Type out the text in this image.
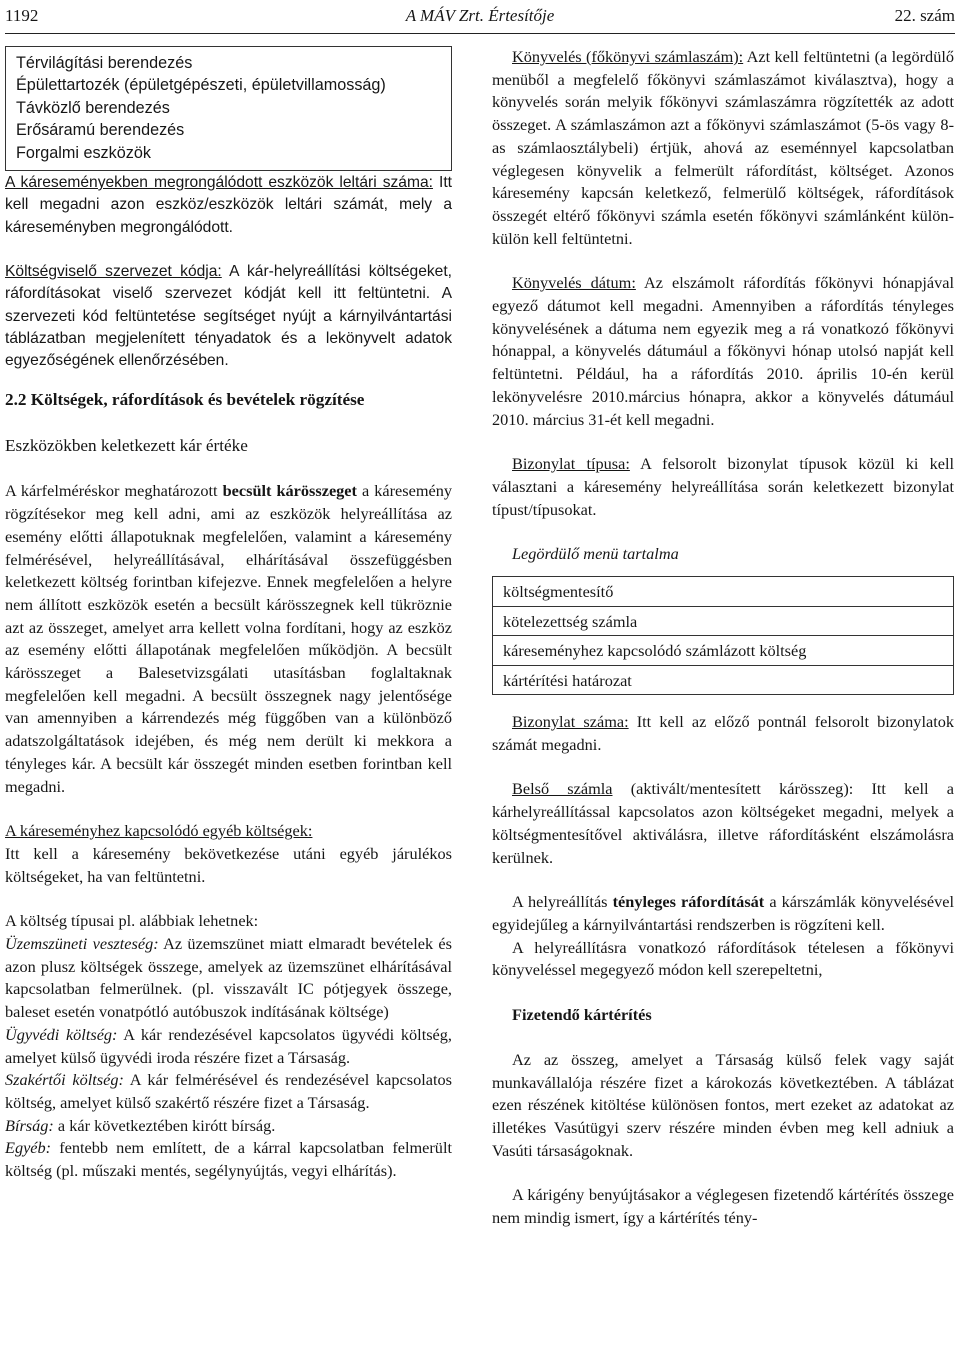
1192	A MÁV Zrt. Értesítője	22. szám
Térvilágítási berendezés
Épülettartozék (épületgépészeti, épületvillamosság)
Távközlő berendezés
Erősáramú berendezés
Forgalmi eszközök

A káreseményekben megrongálódott eszközök leltári száma: Itt kell megadni azon eszköz/eszközök leltári számát, mely a káreseményben megrongálódott.

Költségviselő szervezet kódja: A kár-helyreállítási költségeket, ráfordításokat viselő szervezet kódját kell itt feltüntetni. A szervezeti kód feltüntetése segítséget nyújt a kárnyilvántartási táblázatban megjelenített tényadatok és a lekönyvelt adatok egyezőségének ellenőrzésében.

2.2 Költségek, ráfordítások és bevételek rögzítése

Eszközökben keletkezett kár értéke

A kárfelméréskor meghatározott becsült kárösszeget a káresemény rögzítésekor meg kell adni, ami az eszközök helyreállítása az esemény előtti állapotuknak megfelelően, valamint a káresemény felmérésével, helyreállításával, elhárításával összefüggésben keletkezett költség forintban kifejezve. Ennek megfelelően a helyre nem állított eszközök esetén a becsült kárösszegnek kell tükröznie azt az összeget, amelyet arra kellett volna fordítani, hogy az eszköz az esemény előtti állapotának megfelelően működjön. A becsült kárösszeget a Balesetvizsgálati utasításban foglaltaknak megfelelően kell megadni. A becsült összegnek nagy jelentősége van amennyiben a kárrendezés még függőben van a különböző adatszolgáltatások idejében, és még nem derült ki mekkora a tényleges kár. A becsült kár összegét minden esetben forintban kell megadni.

A káreseményhez kapcsolódó egyéb költségek:

Itt kell a káresemény bekövetkezése utáni egyéb járulékos költségeket, ha van feltüntetni.

A költség típusai pl. alábbiak lehetnek:

Üzemszüneti veszteség: Az üzemszünet miatt elmaradt bevételek és azon plusz költségek összege, amelyek az üzemszünet elhárításával kapcsolatban felmerülnek. (pl. visszavált IC pótjegyek összege, baleset esetén vonatpótló autóbuszok indításának költsége)

Ügyvédi költség: A kár rendezésével kapcsolatos ügyvédi költség, amelyet külső ügyvédi iroda részére fizet a Társaság.

Szakértői költség: A kár felmérésével és rendezésével kapcsolatos költség, amelyet külső szakértő részére fizet a Társaság.

Bírság: a kár következtében kirótt bírság.

Egyéb: fentebb nem említett, de a kárral kapcsolatban felmerült költség (pl. műszaki mentés, segélynyújtás, vegyi elhárítás).

Könyvelés (főkönyvi számlaszám): Azt kell feltüntetni (a legördülő menüből a megfelelő főkönyvi számlaszámot kiválasztva), hogy a könyvelés során melyik főkönyvi számlaszámra rögzítették az adott összeget. A számlaszámon azt a főkönyvi számlaszámot (5-ös vagy 8-as számlaosztálybeli) értjük, ahová az eseménnyel kapcsolatban véglegesen könyvelik a felmerült ráfordítást, költséget. Azonos káresemény kapcsán keletkező, felmerülő költségek, ráfordítások összegét eltérő főkönyvi számla esetén főkönyvi számlánként külön-külön kell feltüntetni.

Könyvelés dátum: Az elszámolt ráfordítás főkönyvi hónapjával egyező dátumot kell megadni. Amennyiben a ráfordítás tényleges könyvelésének a dátuma nem egyezik meg a rá vonatkozó főkönyvi hónappal, a könyvelés dátumául a főkönyvi hónap utolsó napját kell feltüntetni. Például, ha a ráfordítás 2010. április 10-én kerül lekönyvelésre 2010.március hónapra, akkor a könyvelés dátumául 2010. március 31-ét kell megadni.

Bizonylat típusa: A felsorolt bizonylat típusok közül ki kell választani a káresemény helyreállítása során keletkezett bizonylat típust/típusokat.

Legördülő menü tartalma

költségmentesítő
kötelezettség számla
káreseményhez kapcsolódó számlázott költség
kártérítési határozat

Bizonylat száma: Itt kell az előző pontnál felsorolt bizonylatok számát megadni.

Belső számla (aktivált/mentesített kárösszeg): Itt kell a kárhelyreállítással kapcsolatos azon költségeket megadni, melyek a költségmentesítővel aktiválásra, illetve ráfordításként elszámolásra kerülnek.

A helyreállítás tényleges ráfordítását a kárszámlák könyvelésével egyidejűleg a kárnyilvántartási rendszerben is rögzíteni kell.

A helyreállításra vonatkozó ráfordítások tételesen a főkönyvi könyveléssel megegyező módon kell szerepeltetni,

Fizetendő kártérítés

Az az összeg, amelyet a Társaság külső felek vagy saját munkavállalója részére fizet a károkozás következtében. A táblázat ezen részének kitöltése különösen fontos, mert ezeket az adatokat az illetékes Vasútügyi szerv részére minden évben meg kell adniuk a Vasúti társaságoknak.

A kárigény benyújtásakor a véglegesen fizetendő kártérítés összege nem mindig ismert, így a kártérítés tény-
